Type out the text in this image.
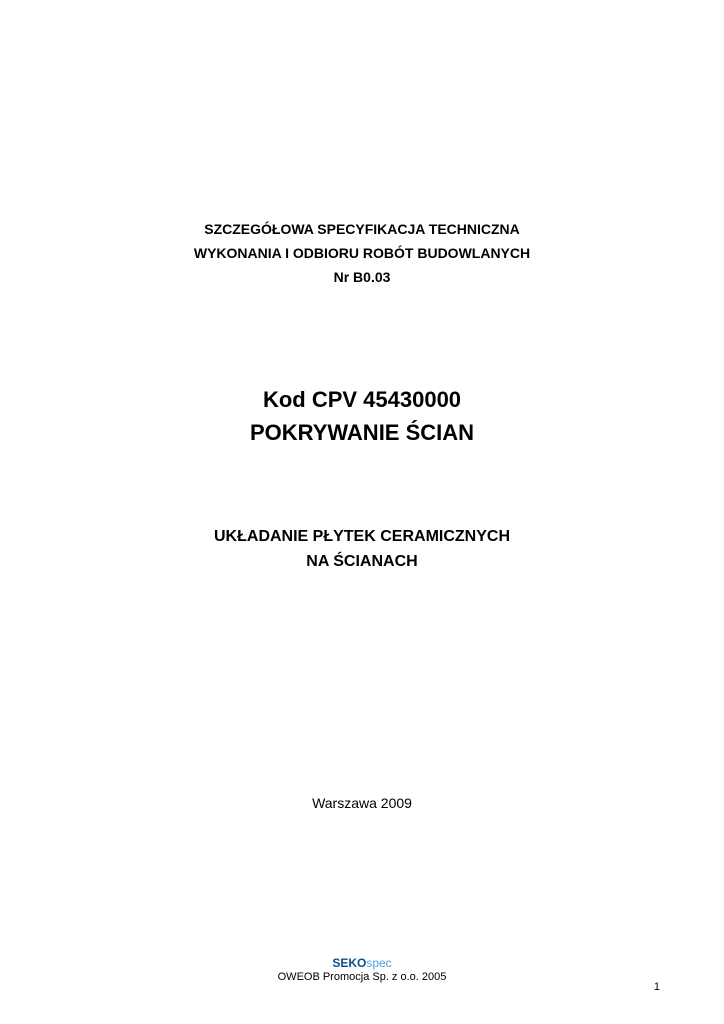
SZCZEGÓŁOWA SPECYFIKACJA TECHNICZNA
WYKONANIA I ODBIORU ROBÓT BUDOWLANYCH
Nr B0.03
Kod CPV 45430000
POKRYWANIE ŚCIAN
UKŁADANIE PŁYTEK CERAMICZNYCH
NA ŚCIANACH
Warszawa 2009
SEKOspec
OWEOB Promocja Sp. z o.o. 2005
1
